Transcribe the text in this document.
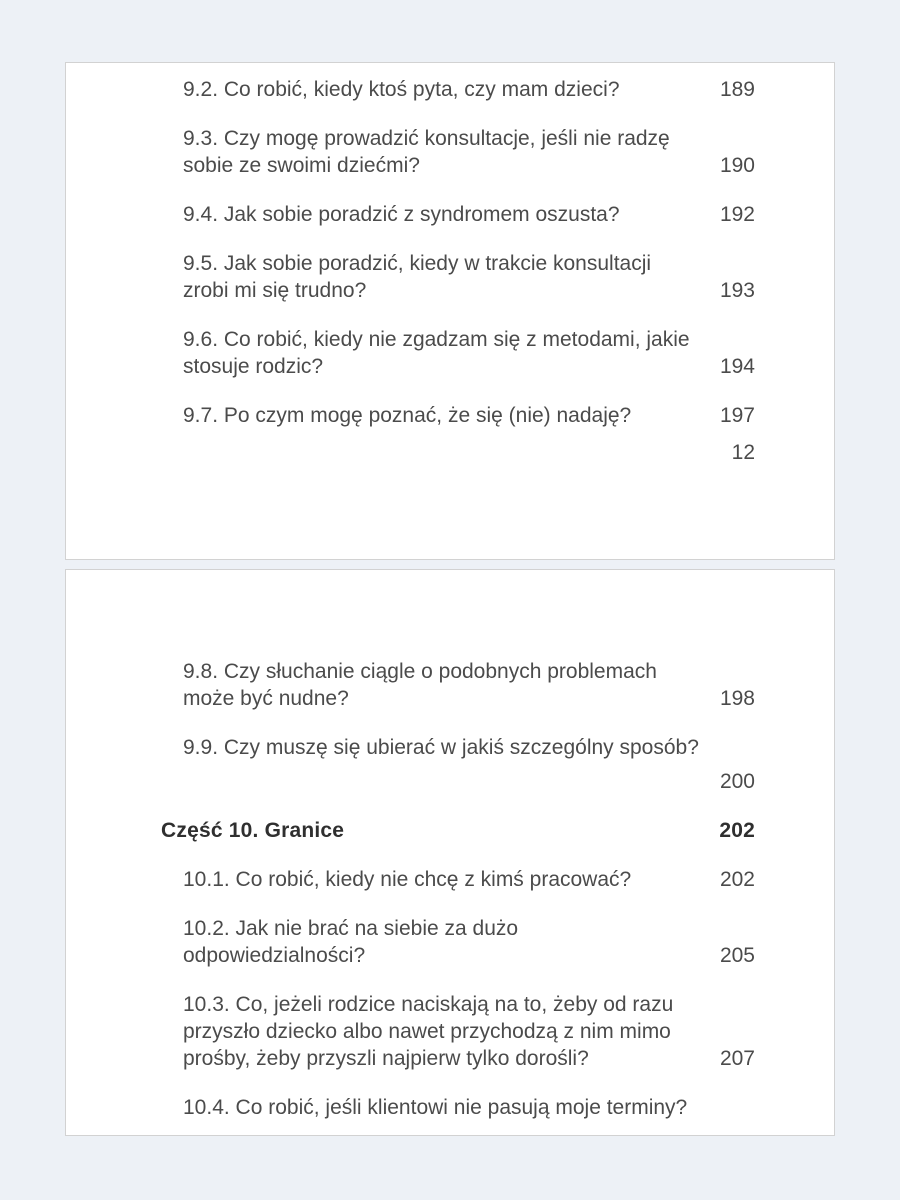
9.2. Co robić, kiedy ktoś pyta, czy mam dzieci?	189
9.3. Czy mogę prowadzić konsultacje, jeśli nie radzę
sobie ze swoimi dziećmi?	190
9.4. Jak sobie poradzić z syndromem oszusta?	192
9.5. Jak sobie poradzić, kiedy w trakcie konsultacji
zrobi mi się trudno?	193
9.6. Co robić, kiedy nie zgadzam się z metodami, jakie
stosuje rodzic?	194
9.7. Po czym mogę poznać, że się (nie) nadaję?	197
12
9.8. Czy słuchanie ciągle o podobnych problemach
może być nudne?	198
9.9. Czy muszę się ubierać w jakiś szczególny sposób?
200
Część 10. Granice	202
10.1. Co robić, kiedy nie chcę z kimś pracować?	202
10.2. Jak nie brać na siebie za dużo
odpowiedzialności?	205
10.3. Co, jeżeli rodzice naciskają na to, żeby od razu
przyszło dziecko albo nawet przychodzą z nim mimo
prośby, żeby przyszli najpierw tylko dorośli?	207
10.4. Co robić, jeśli klientowi nie pasują moje terminy?
